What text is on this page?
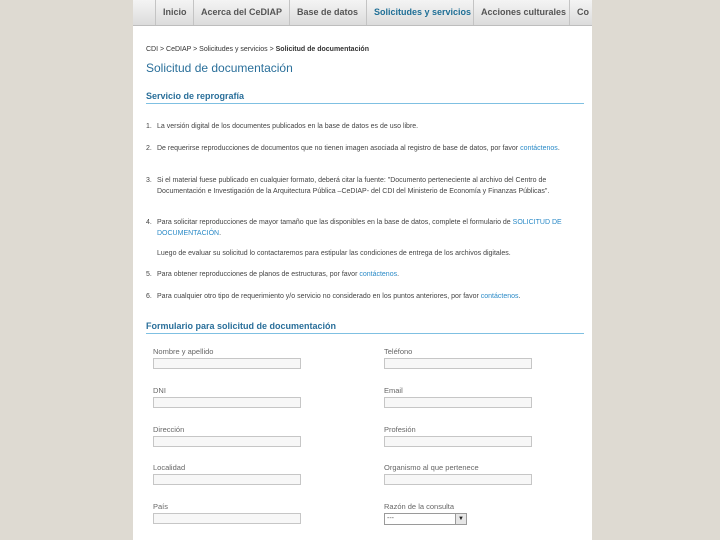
Inicio	Acerca del CeDIAP	Base de datos	Solicitudes y servicios	Acciones culturales	Co
CDI > CeDIAP > Solicitudes y servicios > Solicitud de documentación
Solicitud de documentación
Servicio de reprografía
1. La versión digital de los documentes publicados en la base de datos es de uso libre.
2. De requerirse reproducciones de documentos que no tienen imagen asociada al registro de base de datos, por favor contáctenos.
3. Si el material fuese publicado en cualquier formato, deberá citar la fuente: "Documento perteneciente al archivo del Centro de Documentación e Investigación de la Arquitectura Pública –CeDIAP- del CDI del Ministerio de Economía y Finanzas Públicas".
4. Para solicitar reproducciones de mayor tamaño que las disponibles en la base de datos, complete el formulario de SOLICITUD DE DOCUMENTACIÓN.
Luego de evaluar su solicitud lo contactaremos para estipular las condiciones de entrega de los archivos digitales.
5. Para obtener reproducciones de planos de estructuras, por favor contáctenos.
6. Para cualquier otro tipo de requerimiento y/o servicio no considerado en los puntos anteriores, por favor contáctenos.
Formulario para solicitud de documentación
Nombre y apellido	Teléfono
DNI	Email
Dirección	Profesión
Localidad	Organismo al que pertenece
País	Razón de la consulta
---	▼
